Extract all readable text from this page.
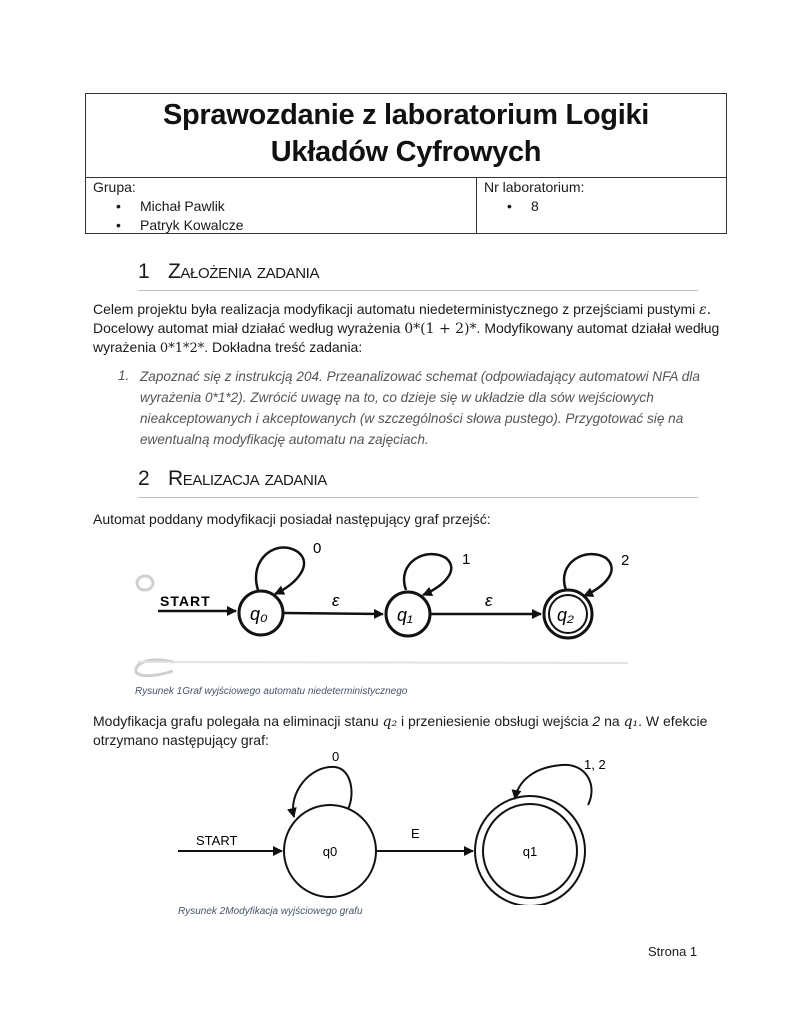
Sprawozdanie z laboratorium Logiki
Układów Cyfrowych
Grupa:
• Michał Pawlik
• Patryk Kowalcze
Nr laboratorium:
• 8
1 Założenia zadania
Celem projektu była realizacja modyfikacji automatu niedeterministycznego z przejściami pustymi ε.
Docelowy automat miał działać według wyrażenia 0*(1 + 2)*. Modyfikowany automat działał według
wyrażenia 0*1*2*. Dokładna treść zadania:
1. Zapoznać się z instrukcją 204. Przeanalizować schemat (odpowiadający automatowi NFA dla
wyrażenia 0*1*2). Zwrócić uwagę na to, co dzieje się w układzie dla sów wejściowych
nieakceptowanych i akceptowanych (w szczególności słowa pustego). Przygotować się na
ewentualną modyfikację automatu na zajęciach.
2 Realizacja zadania
Automat poddany modyfikacji posiadał następujący graf przejść:
START
q₀	q₁	q₂
ε	ε
0
1	2
Rysunek 1Graf wyjściowego automatu niedeterministycznego
Modyfikacja grafu polegała na eliminacji stanu q₂ i przeniesienie obsługi wejścia 2 na q₁. W efekcie
otrzymano następujący graf:
START
q0
0
E
q1
1, 2
Rysunek 2Modyfikacja wyjściowego grafu
Strona 1
